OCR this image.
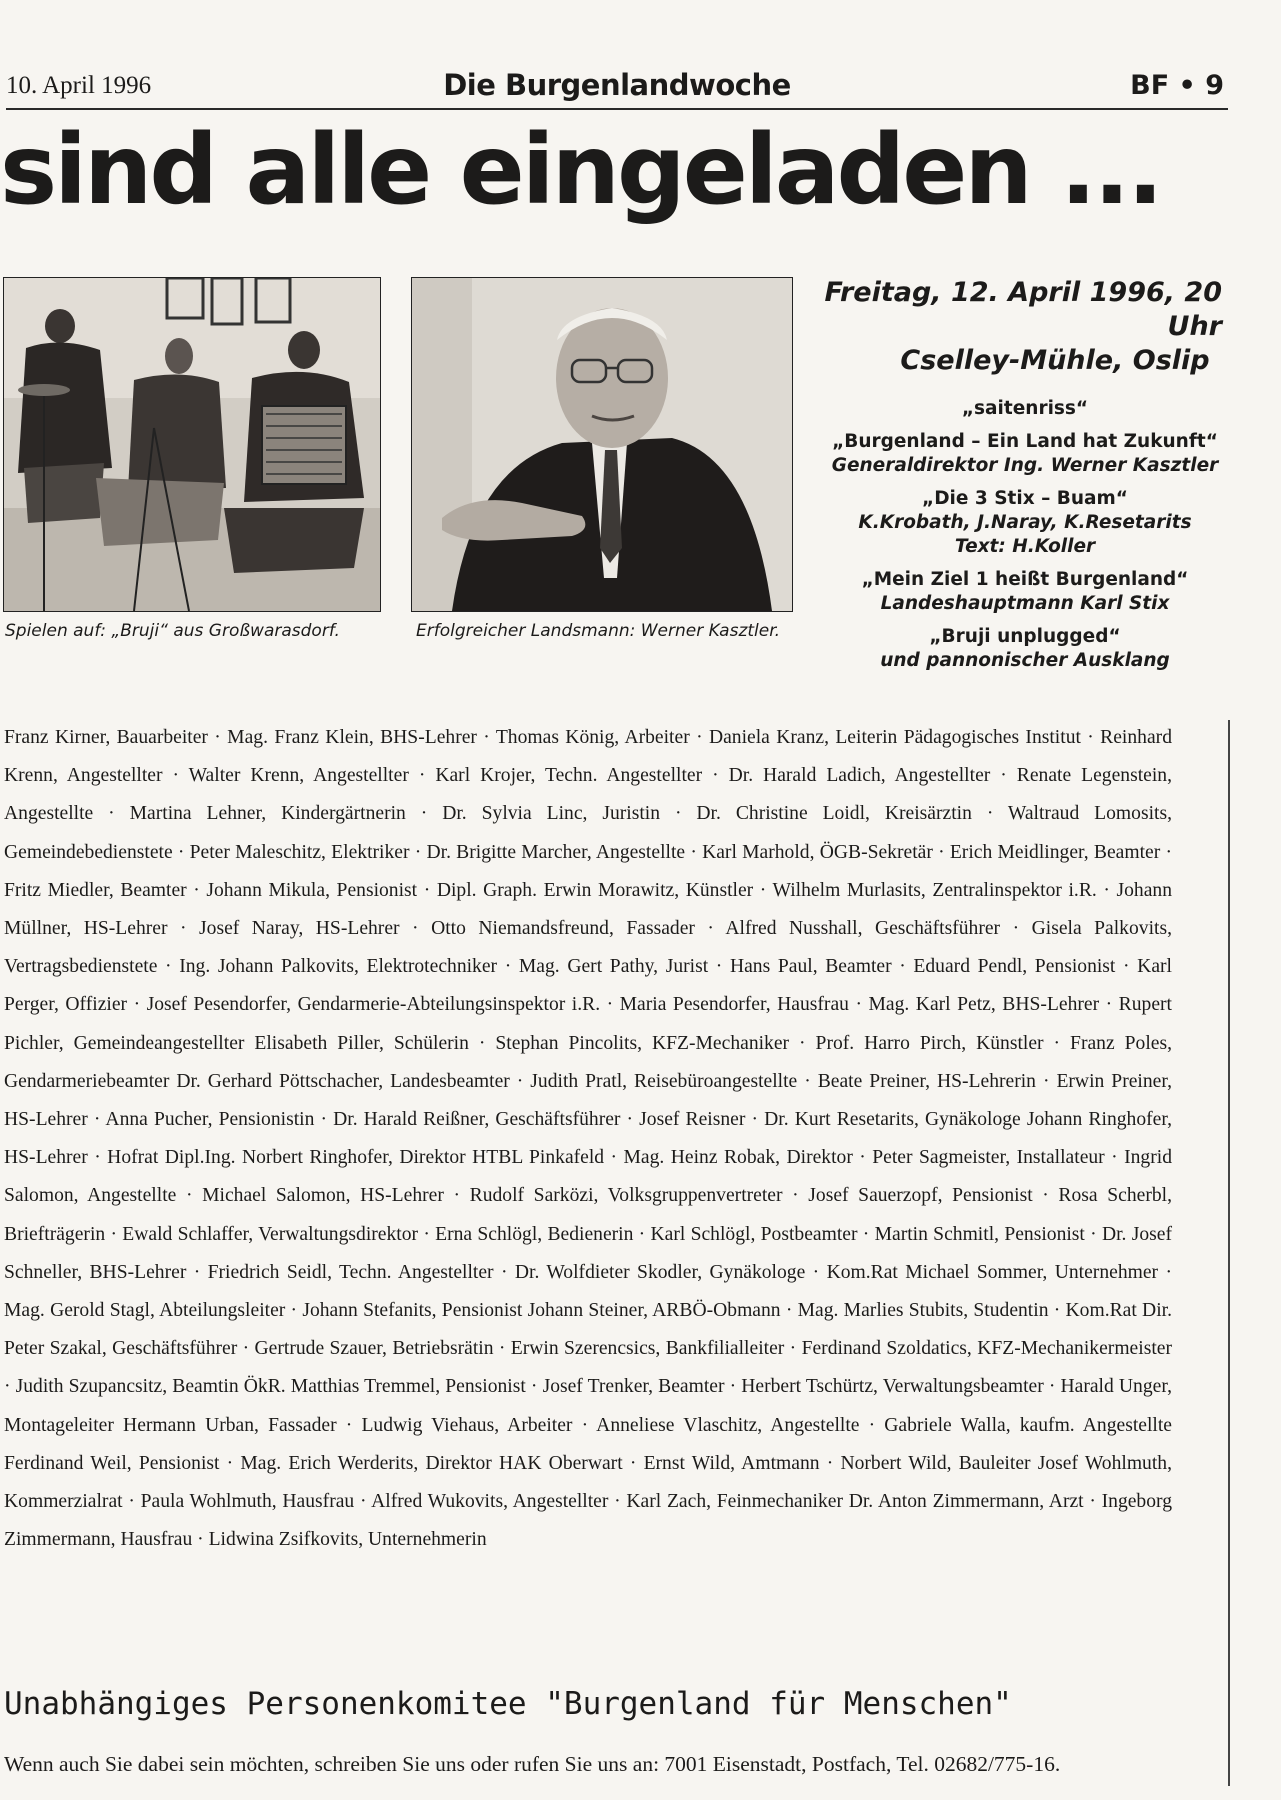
10. April 1996	Die Burgenlandwoche	BF • 9
sind alle eingeladen ...
Spielen auf: „Bruji“ aus Großwarasdorf.	Erfolgreicher Landsmann: Werner Kasztler.
Freitag, 12. April 1996, 20 Uhr
Cselley-Mühle, Oslip
„saitenriss“
„Burgenland – Ein Land hat Zukunft“
Generaldirektor Ing. Werner Kasztler
„Die 3 Stix – Buam“
K.Krobath, J.Naray, K.Resetarits
Text: H.Koller
„Mein Ziel 1 heißt Burgenland“
Landeshauptmann Karl Stix
„Bruji unplugged“
und pannonischer Ausklang
Franz Kirner, Bauarbeiter · Mag. Franz Klein, BHS-Lehrer · Thomas König, Arbeiter · Daniela Kranz, Leiterin Pädagogisches Institut · Reinhard Krenn, Angestellter · Walter Krenn, Angestellter · Karl Krojer, Techn. Angestellter · Dr. Harald Ladich, Angestellter · Renate Legenstein, Angestellte · Martina Lehner, Kindergärtnerin · Dr. Sylvia Linc, Juristin · Dr. Christine Loidl, Kreisärztin · Waltraud Lomosits, Gemeindebedienstete · Peter Maleschitz, Elektriker · Dr. Brigitte Marcher, Angestellte · Karl Marhold, ÖGB-Sekretär · Erich Meidlinger, Beamter · Fritz Miedler, Beamter · Johann Mikula, Pensionist · Dipl. Graph. Erwin Morawitz, Künstler · Wilhelm Murlasits, Zentralinspektor i.R. · Johann Müllner, HS-Lehrer · Josef Naray, HS-Lehrer · Otto Niemandsfreund, Fassader · Alfred Nusshall, Geschäftsführer · Gisela Palkovits, Vertragsbedienstete · Ing. Johann Palkovits, Elektrotechniker · Mag. Gert Pathy, Jurist · Hans Paul, Beamter · Eduard Pendl, Pensionist · Karl Perger, Offizier · Josef Pesendorfer, Gendarmerie-Abteilungsinspektor i.R. · Maria Pesendorfer, Hausfrau · Mag. Karl Petz, BHS-Lehrer · Rupert Pichler, Gemeindeangestellter Elisabeth Piller, Schülerin · Stephan Pincolits, KFZ-Mechaniker · Prof. Harro Pirch, Künstler · Franz Poles, Gendarmeriebeamter Dr. Gerhard Pöttschacher, Landesbeamter · Judith Pratl, Reisebüroangestellte · Beate Preiner, HS-Lehrerin · Erwin Preiner, HS-Lehrer · Anna Pucher, Pensionistin · Dr. Harald Reißner, Geschäftsführer · Josef Reisner · Dr. Kurt Resetarits, Gynäkologe Johann Ringhofer, HS-Lehrer · Hofrat Dipl.Ing. Norbert Ringhofer, Direktor HTBL Pinkafeld · Mag. Heinz Robak, Direktor · Peter Sagmeister, Installateur · Ingrid Salomon, Angestellte · Michael Salomon, HS-Lehrer · Rudolf Sarközi, Volksgruppenvertreter · Josef Sauerzopf, Pensionist · Rosa Scherbl, Briefträgerin · Ewald Schlaffer, Verwaltungsdirektor · Erna Schlögl, Bedienerin · Karl Schlögl, Postbeamter · Martin Schmitl, Pensionist · Dr. Josef Schneller, BHS-Lehrer · Friedrich Seidl, Techn. Angestellter · Dr. Wolfdieter Skodler, Gynäkologe · Kom.Rat Michael Sommer, Unternehmer · Mag. Gerold Stagl, Abteilungsleiter · Johann Stefanits, Pensionist Johann Steiner, ARBÖ-Obmann · Mag. Marlies Stubits, Studentin · Kom.Rat Dir. Peter Szakal, Geschäftsführer · Gertrude Szauer, Betriebsrätin · Erwin Szerencsics, Bankfilialleiter · Ferdinand Szoldatics, KFZ-Mechanikermeister · Judith Szupancsitz, Beamtin ÖkR. Matthias Tremmel, Pensionist · Josef Trenker, Beamter · Herbert Tschürtz, Verwaltungsbeamter · Harald Unger, Montageleiter Hermann Urban, Fassader · Ludwig Viehaus, Arbeiter · Anneliese Vlaschitz, Angestellte · Gabriele Walla, kaufm. Angestellte Ferdinand Weil, Pensionist · Mag. Erich Werderits, Direktor HAK Oberwart · Ernst Wild, Amtmann · Norbert Wild, Bauleiter Josef Wohlmuth, Kommerzialrat · Paula Wohlmuth, Hausfrau · Alfred Wukovits, Angestellter · Karl Zach, Feinmechaniker Dr. Anton Zimmermann, Arzt · Ingeborg Zimmermann, Hausfrau · Lidwina Zsifkovits, Unternehmerin
Unabhängiges Personenkomitee "Burgenland für Menschen"
Wenn auch Sie dabei sein möchten, schreiben Sie uns oder rufen Sie uns an: 7001 Eisenstadt, Postfach, Tel. 02682/775-16.
